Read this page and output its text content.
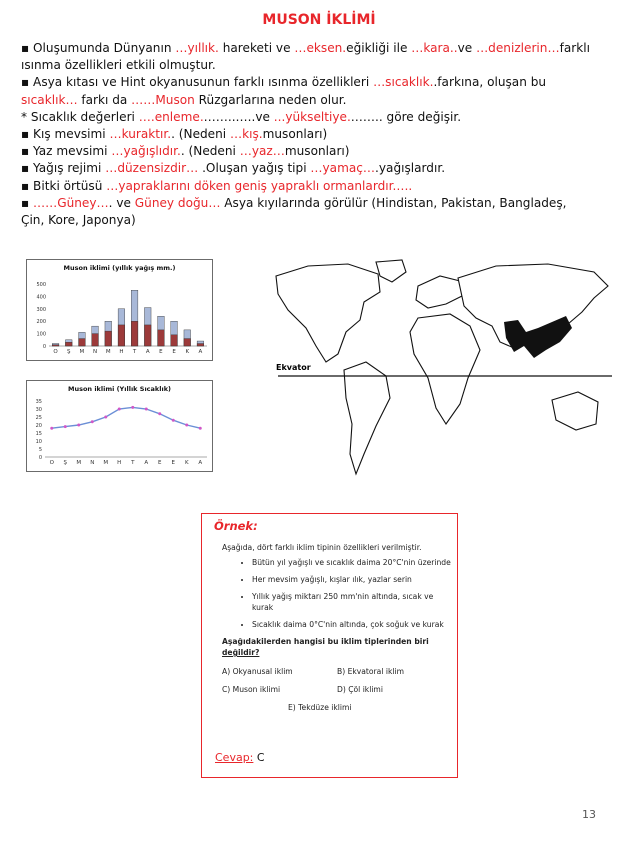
MUSON İKLİMİ
▪ Oluşumunda Dünyanın …yıllık. hareketi ve …eksen.eğikliği ile …kara..ve …denizlerin…farklı
ısınma özellikleri etkili olmuştur.
▪ Asya kıtası ve Hint okyanusunun farklı ısınma özellikleri …sıcaklık..farkına, oluşan bu
sıcaklık… farkı da ……Muson Rüzgarlarına neden olur.
* Sıcaklık değerleri ….enleme.……..…..ve ...yükseltiye.…….. göre değişir.
▪ Kış mevsimi …kuraktır.. (Nedeni …kış.musonları)
▪ Yaz mevsimi …yağışlıdır.. (Nedeni …yaz…musonları)
▪ Yağış rejimi …düzensizdir… .Oluşan yağış tipi …yamaç….yağışlardır.
▪ Bitki örtüsü …yapraklarını döken geniş yapraklı ormanlardır.….
▪ ……Güney…. ve Güney doğu… Asya kıyılarında görülür (Hindistan, Pakistan, Bangladeş,
Çin, Kore, Japonya)
Muson iklimi (yıllık yağış mm.)
0
100
200
300
400
500
O Ş M N M H T A E E K A
Muson iklimi (Yıllık Sıcaklık)
0
5
10
15
20
25
30
35
O Ş M N M H T A E E K A
Ekvator
Örnek:
Aşağıda, dört farklı iklim tipinin özellikleri verilmiştir.
• Bütün yıl yağışlı ve sıcaklık daima 20°C'nin üzerinde
• Her mevsim yağışlı, kışlar ılık, yazlar serin
• Yıllık yağış miktarı 250 mm'nin altında, sıcak ve kurak
• Sıcaklık daima 0°C'nin altında, çok soğuk ve kurak
Aşağıdakilerden hangisi bu iklim tiplerinden biri
değildir?
A) Okyanusal iklim	B) Ekvatoral iklim
C) Muson iklimi	D) Çöl iklimi
E) Tekdüze iklimi
Cevap: C
13
